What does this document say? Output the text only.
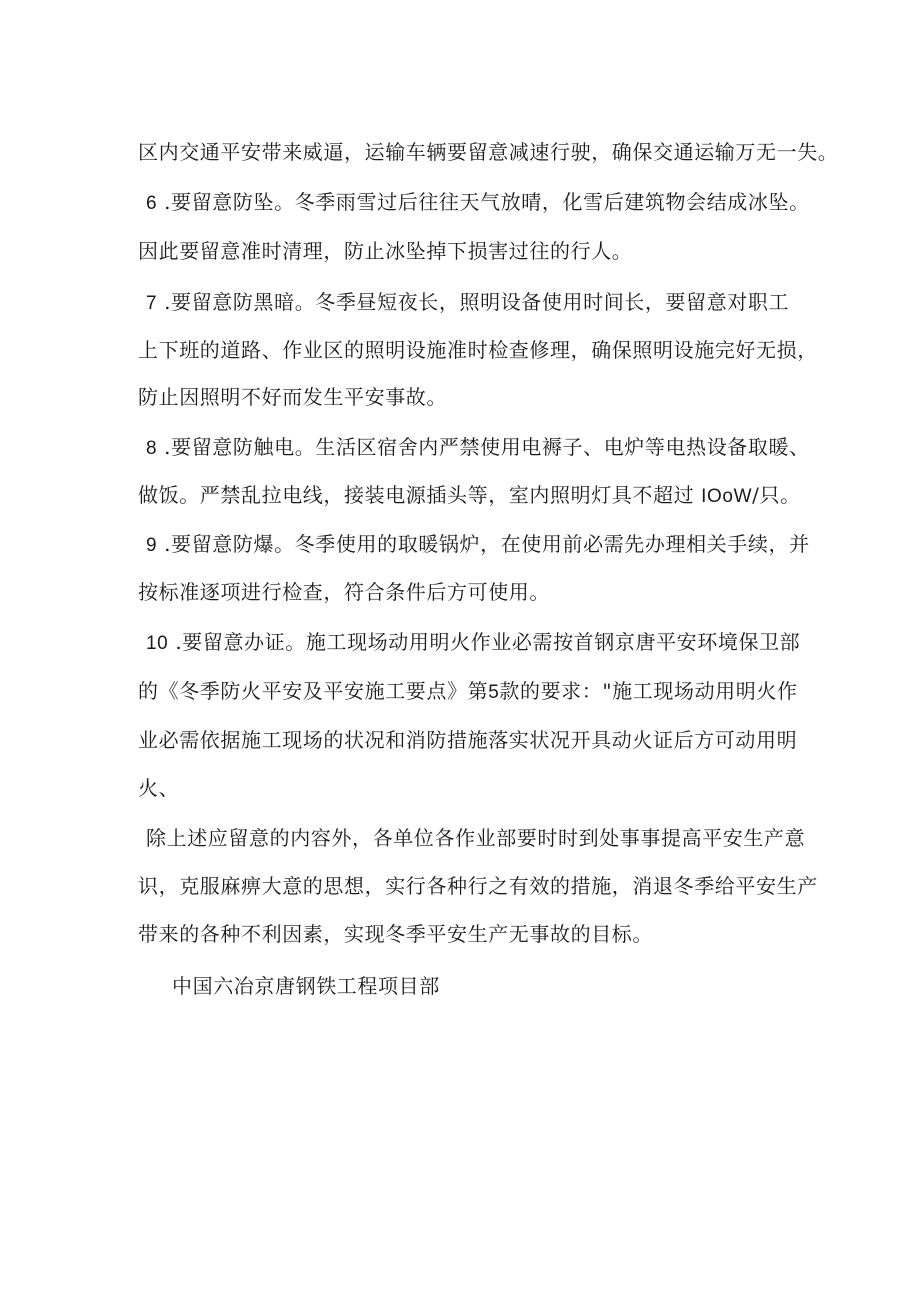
区内交通平安带来威逼，运输车辆要留意减速行驶，确保交通运输万无一失。
6 .要留意防坠。冬季雨雪过后往往天气放晴，化雪后建筑物会结成冰坠。
因此要留意准时清理，防止冰坠掉下损害过往的行人。
7 .要留意防黑暗。冬季昼短夜长，照明设备使用时间长，要留意对职工
上下班的道路、作业区的照明设施准时检查修理，确保照明设施完好无损，
防止因照明不好而发生平安事故。
8 .要留意防触电。生活区宿舍内严禁使用电褥子、电炉等电热设备取暖、
做饭。严禁乱拉电线，接装电源插头等，室内照明灯具不超过 IOoW/只。
9 .要留意防爆。冬季使用的取暖锅炉，在使用前必需先办理相关手续，并
按标准逐项进行检查，符合条件后方可使用。
10 .要留意办证。施工现场动用明火作业必需按首钢京唐平安环境保卫部
的《冬季防火平安及平安施工要点》第5款的要求："施工现场动用明火作
业必需依据施工现场的状况和消防措施落实状况开具动火证后方可动用明
火、
除上述应留意的内容外，各单位各作业部要时时到处事事提高平安生产意
识，克服麻痹大意的思想，实行各种行之有效的措施，消退冬季给平安生产
带来的各种不利因素，实现冬季平安生产无事故的目标。
中国六冶京唐钢铁工程项目部
